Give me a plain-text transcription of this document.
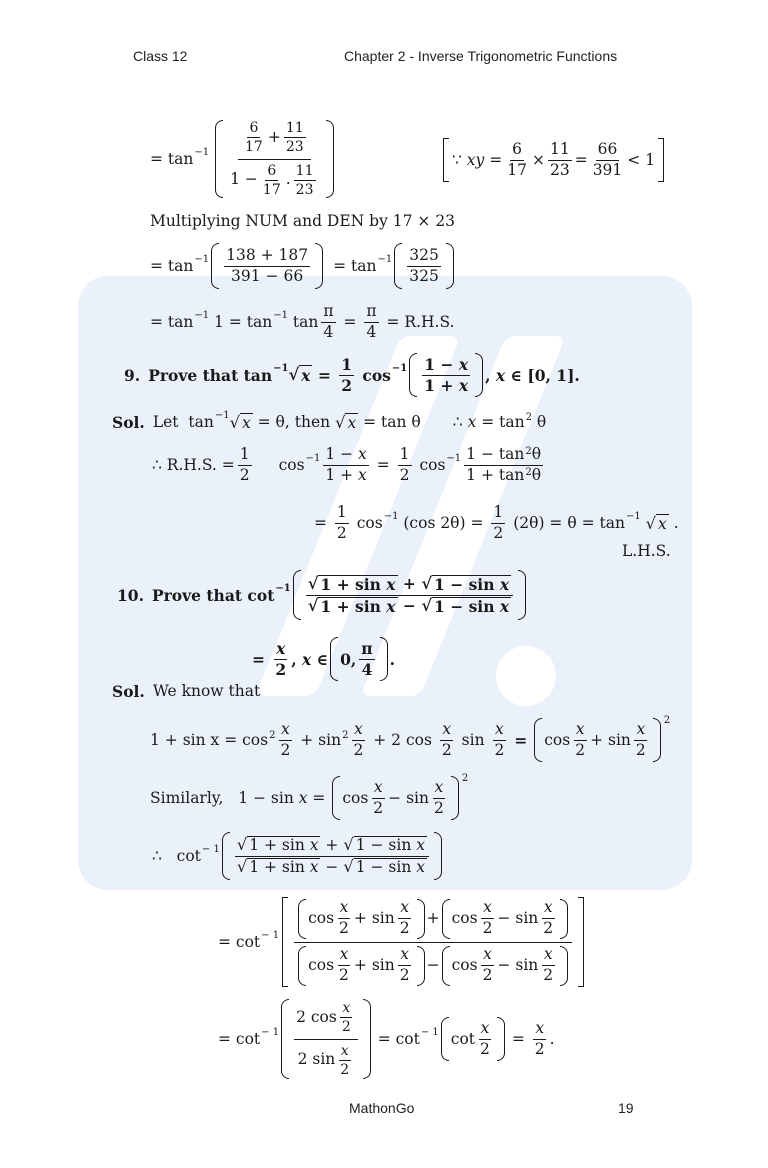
Class 12	Chapter 2 - Inverse Trigonometric Functions
= $\tan -1 \frac{\frac{6}{17} + \frac{11}{23}}{1 - \frac{6}{17} . \frac{11}{23}}$	∵ xy = $\frac{6}{17} \times \frac{11}{23} = \frac{66}{391} < 1$
Multiplying NUM and DEN by 17 × 23
= $\tan -1 \frac{138 + 187}{391 - 66} = \tan -1 \frac{325}{325}$
= tan −1 1 = tan −1 $\tan \frac{\pi}{4} = \frac{\pi}{4}$
= R.H.S.
9. Prove that tan −1 √ $x = \frac{1}{2}$ $\cos -1 \frac{1 - x}{1 + x}$ , x ∈ [0, 1].
Sol. Let tan −1 √ x = θ , then
√ x = tan θ ∴ $x = \tan^2 \theta$
∴ R.H.S. = $\frac{1}{2}$ $\cos -1 \frac{1 - x}{1 + x} = \frac{1}{2}$ $\cos -1 \frac{1 - \tan^2\theta}{1 + \tan^2\theta}$
= $\frac{1}{2}$ cos −1 (cos $2\theta) = \frac{1}{2} (2\theta) = \theta = \tan -1$
√ x .
L.H.S.
10. Prove that $\cot -1 \frac{\text{√ 1 + sin x + √ 1 − sin x}}{\text{√ 1 + sin x − √ 1 − sin x}}$
= $\frac{x}{2}$ , x ∈ 0, $\frac{\pi}{4}$ .
Sol. We know that
$1 + \sin x = \cos^2 \frac{x}{2} + \sin^2 \frac{x}{2} + 2$ $\cos \frac{x}{2}$ $\sin \frac{x}{2}$ =	$\cos \frac{x}{2} + \sin \frac{x}{2}$
2
Similarly, $1 - \sin x = \cos \frac{x}{2} - \sin \frac{x}{2}$
2
∴ $\cot - 1 \frac{\text{√ 1 + sin x + √ 1 − sin x}}{\text{√ 1 + sin x − √ 1 − sin x}}$
= cot − 1
$\cos \frac{x}{2} + \sin \frac{x}{2} + \cos \frac{x}{2} - \sin \frac{x}{2}$
$\cos \frac{x}{2} + \sin \frac{x}{2} - \cos \frac{x}{2} - \sin \frac{x}{2}$
= $\cot - 1 \frac{2 \cos \frac{x}{2}}{2 \sin \frac{x}{2}} = \cot - 1$ $\cot \frac{x}{2} = \frac{x}{2}$ .
MathonGo	19
